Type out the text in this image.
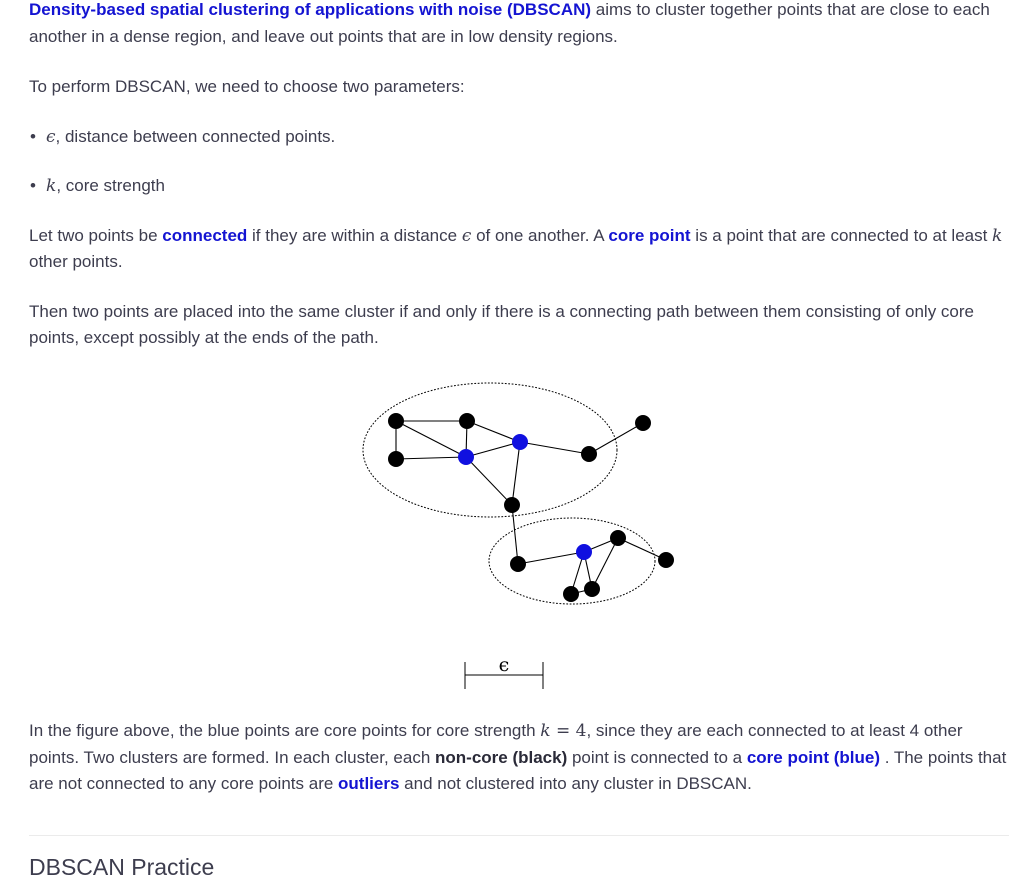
Density-based spatial clustering of applications with noise (DBSCAN) aims to cluster together points that are close to each another in a dense region, and leave out points that are in low density regions.

To perform DBSCAN, we need to choose two parameters:

• ϵ, distance between connected points.
• k, core strength

Let two points be connected if they are within a distance ϵ of one another. A core point is a point that are connected to at least k other points.

Then two points are placed into the same cluster if and only if there is a connecting path between them consisting of only core points, except possibly at the ends of the path.

ϵ

In the figure above, the blue points are core points for core strength k = 4, since they are each connected to at least 4 other points. Two clusters are formed. In each cluster, each non-core (black) point is connected to a core point (blue) . The points that are not connected to any core points are outliers and not clustered into any cluster in DBSCAN.

DBSCAN Practice
